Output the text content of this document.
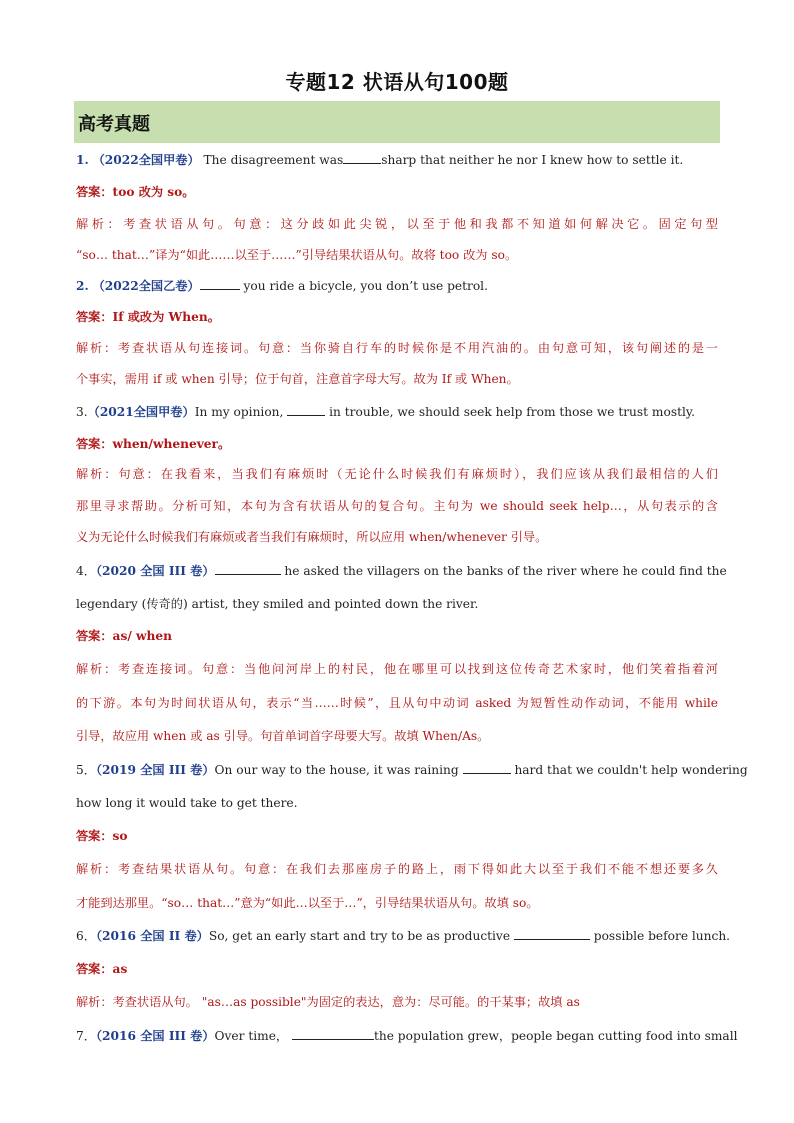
专题12 状语从句100题
高考真题
1. （2022全国甲卷） The disagreement was	sharp that neither he nor I knew how to settle it.
答案：too 改为 so。
解析：考查状语从句。句意：这分歧如此尖锐，以至于他和我都不知道如何解决它。固定句型
“so… that…”译为“如此……以至于……”引导结果状语从句。故将 too 改为 so。
2. （2022全国乙卷）	you ride a bicycle, you don’t use petrol.
答案：If 或改为 When。
解析：考查状语从句连接词。句意：当你骑自行车的时候你是不用汽油的。由句意可知，该句阐述的是一
个事实，需用 if 或 when 引导；位于句首，注意首字母大写。故为 If 或 When。
3.（2021全国甲卷）In my opinion,	in trouble, we should seek help from those we trust mostly.
答案：when/whenever。
解析：句意：在我看来，当我们有麻烦时（无论什么时候我们有麻烦时），我们应该从我们最相信的人们
那里寻求帮助。分析可知，本句为含有状语从句的复合句。主句为 we should seek help…，从句表示的含
义为无论什么时候我们有麻烦或者当我们有麻烦时，所以应用 when/whenever 引导。
4．（2020 全国 III 卷）	he asked the villagers on the banks of the river where he could find the
legendary (传奇的) artist, they smiled and pointed down the river.
答案：as/ when
解析：考查连接词。句意：当他问河岸上的村民，他在哪里可以找到这位传奇艺术家时，他们笑着指着河
的下游。本句为时间状语从句，表示“当……时候”，且从句中动词 asked 为短暂性动作动词，不能用 while
引导，故应用 when 或 as 引导。句首单词首字母要大写。故填 When/As。
5．（2019 全国 III 卷）On our way to the house, it was raining	hard that we couldn't help wondering
how long it would take to get there.
答案：so
解析：考查结果状语从句。句意：在我们去那座房子的路上，雨下得如此大以至于我们不能不想还要多久
才能到达那里。“so… that…”意为“如此…以至于…”，引导结果状语从句。故填 so。
6．（2016 全国 II 卷）So, get an early start and try to be as productive	possible before lunch.
答案：as
解析：考查状语从句。 "as…as possible"为固定的表达，意为：尽可能。的干某事；故填 as
7．（2016 全国 III 卷）Over time，	the population grew，people began cutting food into small
